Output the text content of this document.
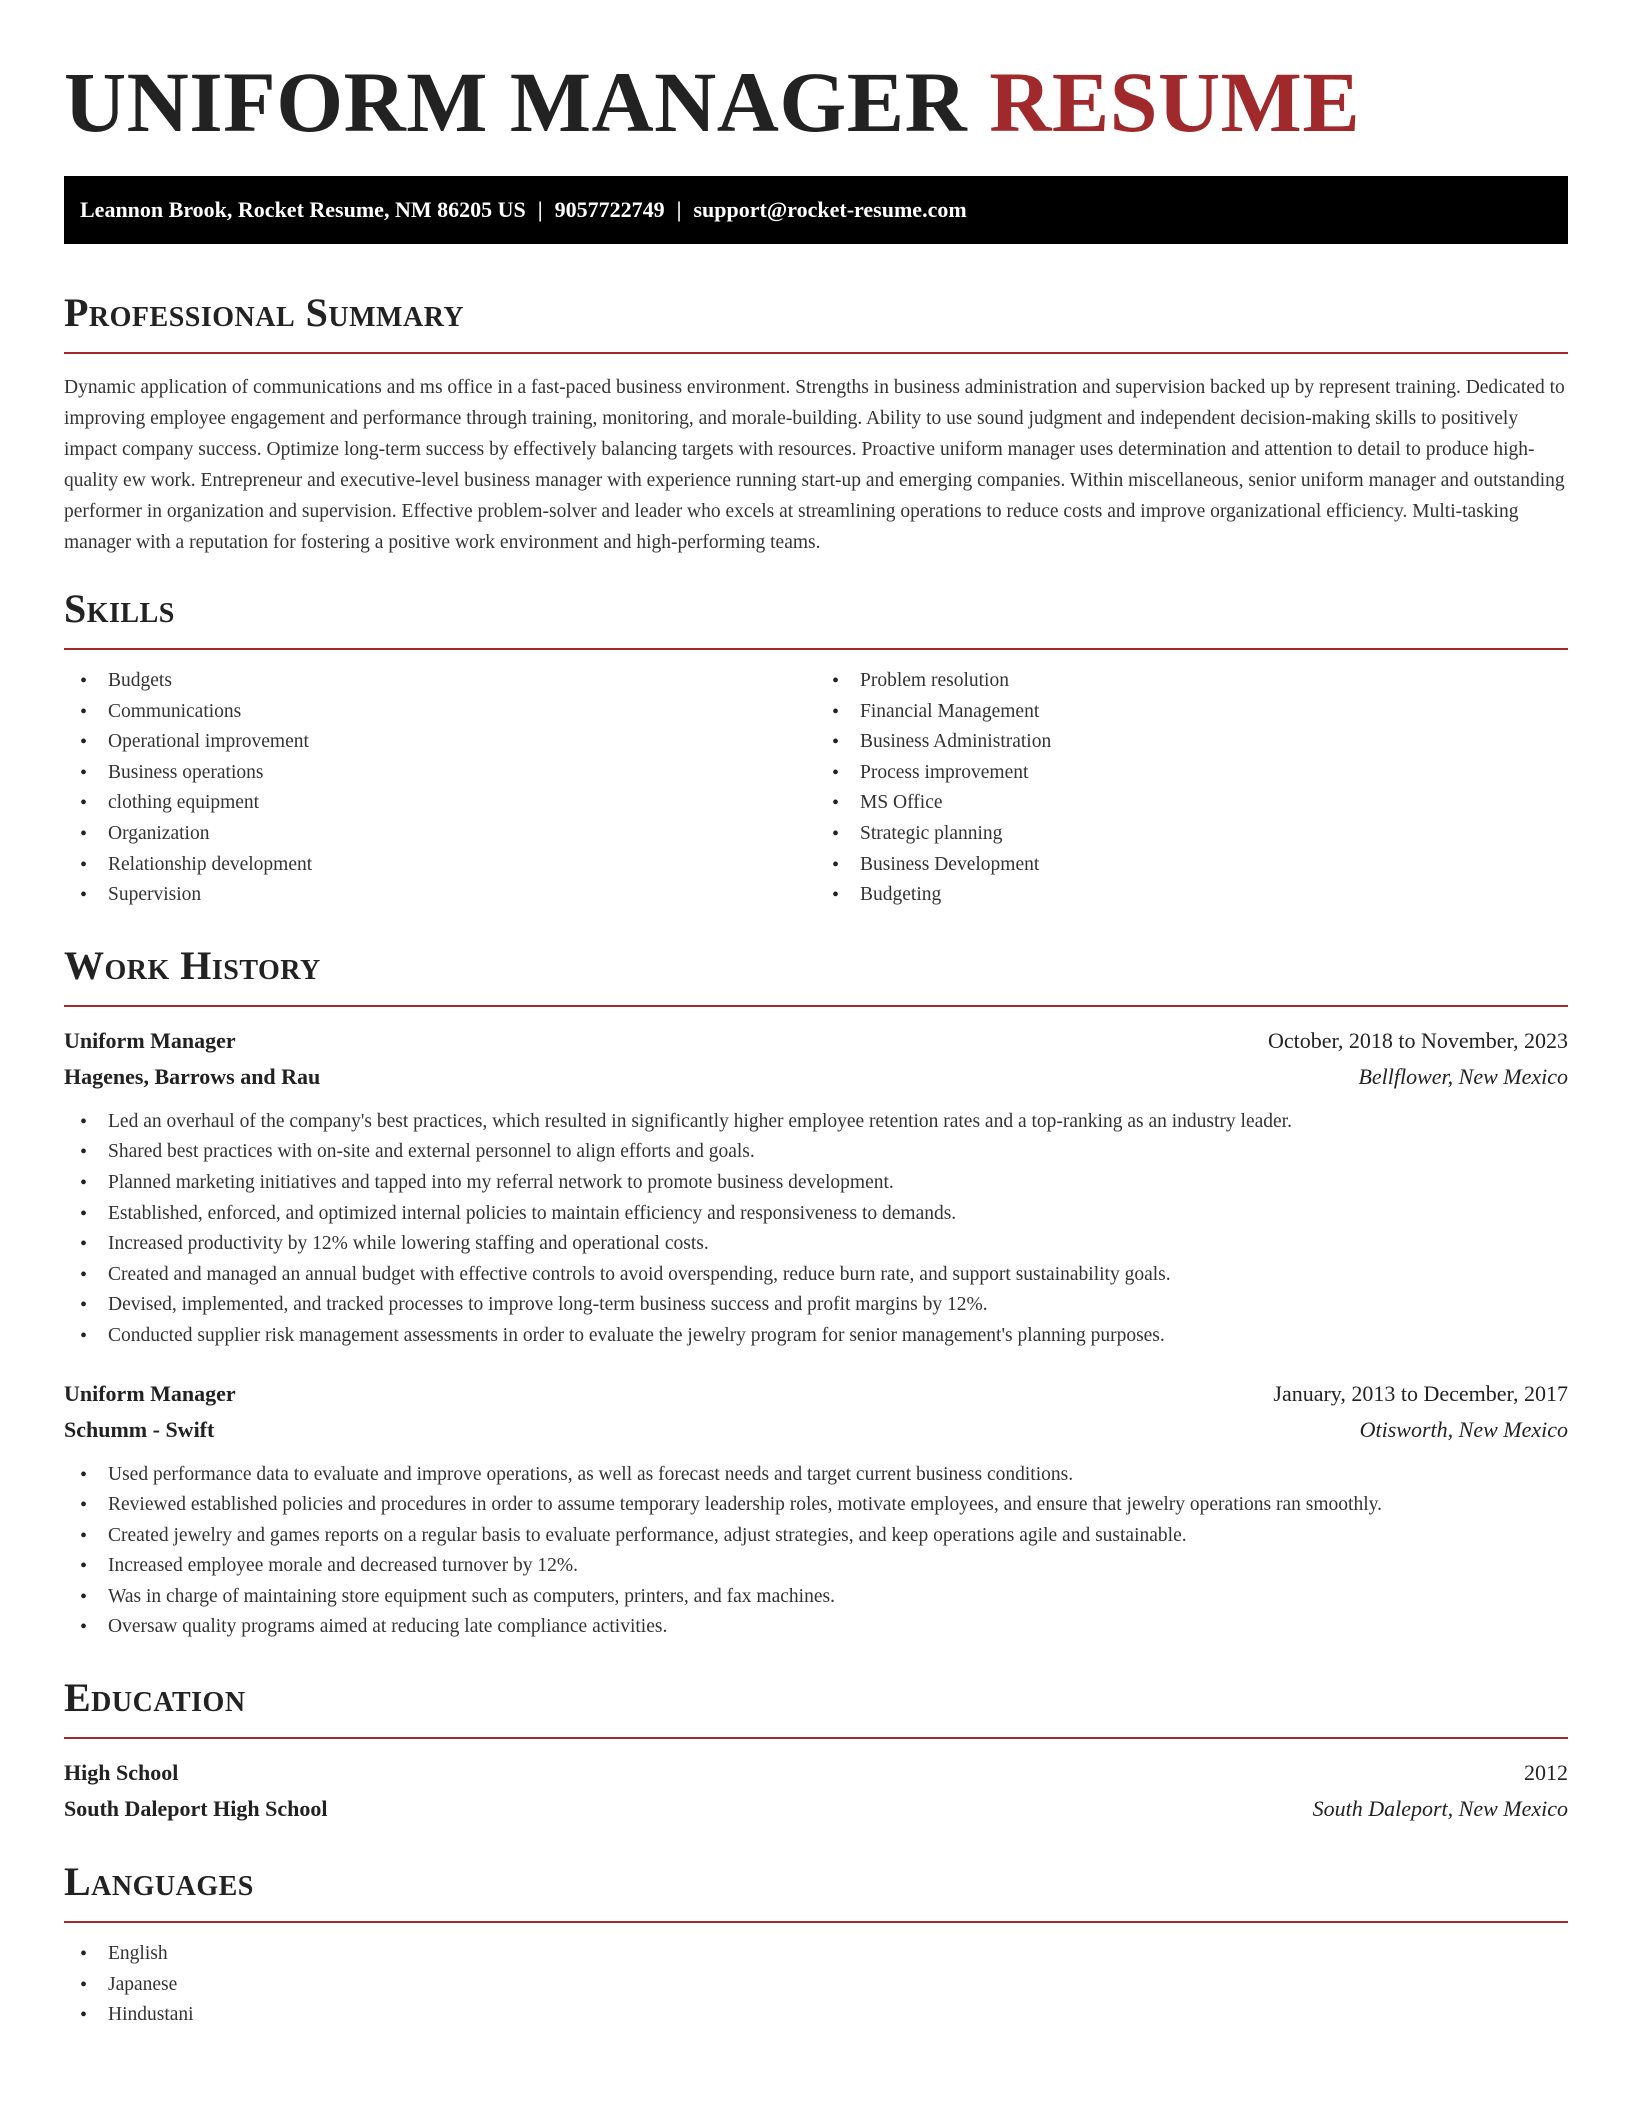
UNIFORM MANAGER RESUME
Leannon Brook, Rocket Resume, NM 86205 US | 9057722749 | support@rocket-resume.com
Professional Summary

Dynamic application of communications and ms office in a fast-paced business environment. Strengths in business administration and supervision backed up by represent training. Dedicated to improving employee engagement and performance through training, monitoring, and morale-building. Ability to use sound judgment and independent decision-making skills to positively impact company success. Optimize long-term success by effectively balancing targets with resources. Proactive uniform manager uses determination and attention to detail to produce high-quality ew work. Entrepreneur and executive-level business manager with experience running start-up and emerging companies. Within miscellaneous, senior uniform manager and outstanding performer in organization and supervision. Effective problem-solver and leader who excels at streamlining operations to reduce costs and improve organizational efficiency. Multi-tasking manager with a reputation for fostering a positive work environment and high-performing teams.

Skills
• Budgets
• Communications
• Operational improvement
• Business operations
• clothing equipment
• Organization
• Relationship development
• Supervision
• Problem resolution
• Financial Management
• Business Administration
• Process improvement
• MS Office
• Strategic planning
• Business Development
• Budgeting
Work History
Uniform Manager	October, 2018 to November, 2023
Hagenes, Barrows and Rau	Bellflower, New Mexico
• Led an overhaul of the company's best practices, which resulted in significantly higher employee retention rates and a top-ranking as an industry leader.
• Shared best practices with on-site and external personnel to align efforts and goals.
• Planned marketing initiatives and tapped into my referral network to promote business development.
• Established, enforced, and optimized internal policies to maintain efficiency and responsiveness to demands.
• Increased productivity by 12% while lowering staffing and operational costs.
• Created and managed an annual budget with effective controls to avoid overspending, reduce burn rate, and support sustainability goals.
• Devised, implemented, and tracked processes to improve long-term business success and profit margins by 12%.
• Conducted supplier risk management assessments in order to evaluate the jewelry program for senior management's planning purposes.
Uniform Manager	January, 2013 to December, 2017
Schumm - Swift	Otisworth, New Mexico
• Used performance data to evaluate and improve operations, as well as forecast needs and target current business conditions.
• Reviewed established policies and procedures in order to assume temporary leadership roles, motivate employees, and ensure that jewelry operations ran smoothly.
• Created jewelry and games reports on a regular basis to evaluate performance, adjust strategies, and keep operations agile and sustainable.
• Increased employee morale and decreased turnover by 12%.
• Was in charge of maintaining store equipment such as computers, printers, and fax machines.
• Oversaw quality programs aimed at reducing late compliance activities.
Education
High School	2012
South Daleport High School	South Daleport, New Mexico
Languages
• English
• Japanese
• Hindustani
